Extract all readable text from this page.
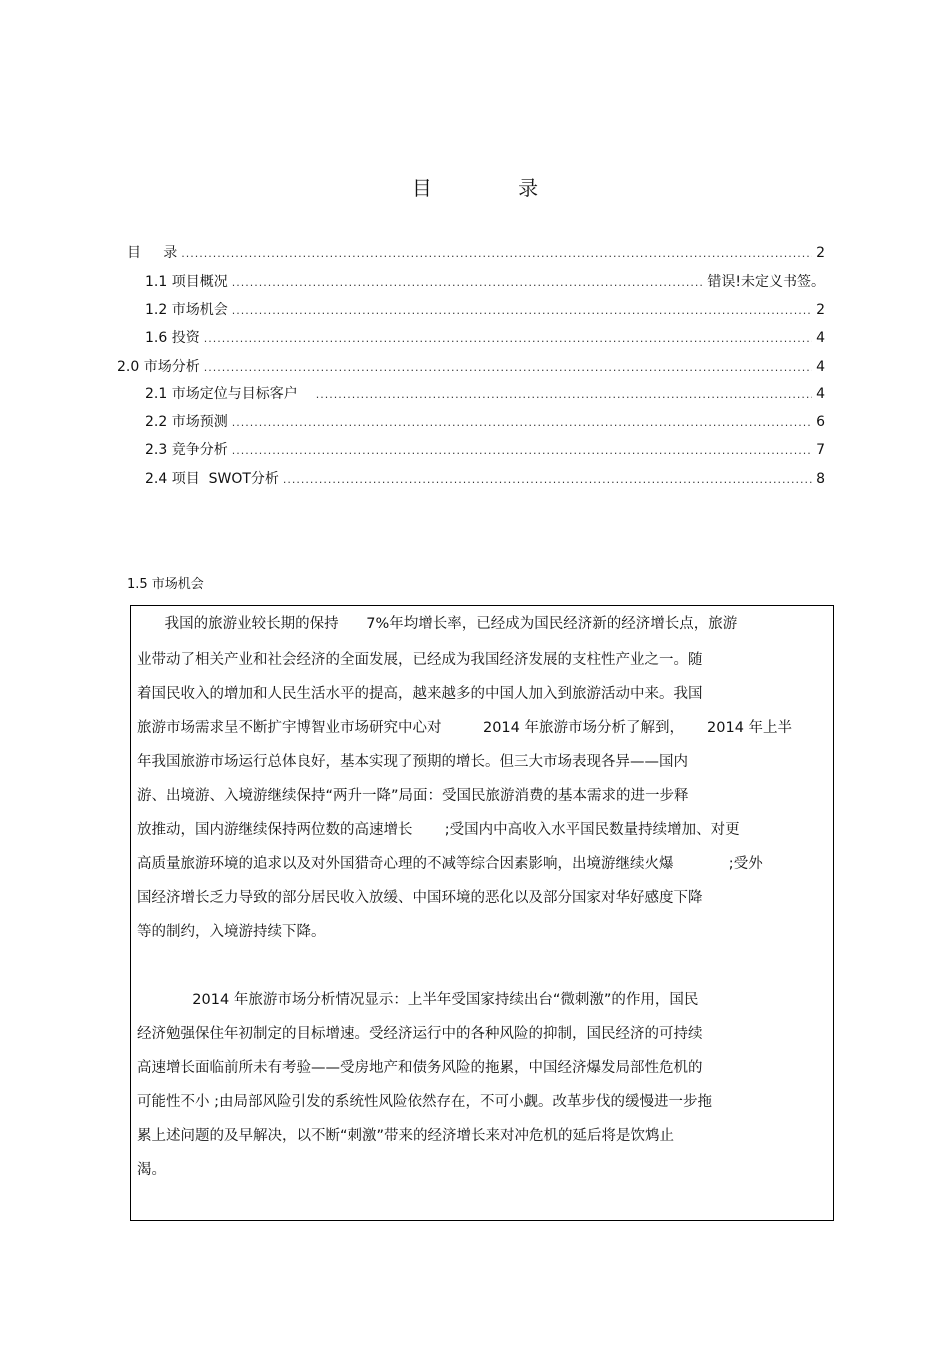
目 录
目     录 .....	2
1.1 项目概况 .....	错误!未定义书签。
1.2 市场机会 .....	2
1.6 投资 .....	4
2.0 市场分析 .....	4
2.1 市场定位与目标客户 .....	4
2.2 市场预测 .....	6
2.3 竞争分析 .....	7
2.4 项目  SWOT分析 .....	8
1.5 市场机会
我国的旅游业较长期的保持      7%年均增长率，已经成为国民经济新的经济增长点，旅游
业带动了相关产业和社会经济的全面发展，已经成为我国经济发展的支柱性产业之一。随
着国民收入的增加和人民生活水平的提高，越来越多的中国人加入到旅游活动中来。我国
旅游市场需求呈不断扩宇博智业市场研究中心对         2014 年旅游市场分析了解到，     2014 年上半
年我国旅游市场运行总体良好，基本实现了预期的增长。但三大市场表现各异——国内
游、出境游、入境游继续保持“两升一降”局面：受国民旅游消费的基本需求的进一步释
放推动，国内游继续保持两位数的高速增长       ;受国内中高收入水平国民数量持续增加、对更
高质量旅游环境的追求以及对外国猎奇心理的不减等综合因素影响，出境游继续火爆            ;受外
国经济增长乏力导致的部分居民收入放缓、中国环境的恶化以及部分国家对华好感度下降
等的制约，入境游持续下降。
2014 年旅游市场分析情况显示：上半年受国家持续出台“微刺激”的作用，国民
经济勉强保住年初制定的目标增速。受经济运行中的各种风险的抑制，国民经济的可持续
高速增长面临前所未有考验——受房地产和债务风险的拖累，中国经济爆发局部性危机的
可能性不小 ;由局部风险引发的系统性风险依然存在，不可小觑。改革步伐的缓慢进一步拖
累上述问题的及早解决，以不断“刺激”带来的经济增长来对冲危机的延后将是饮鸩止
渴。
